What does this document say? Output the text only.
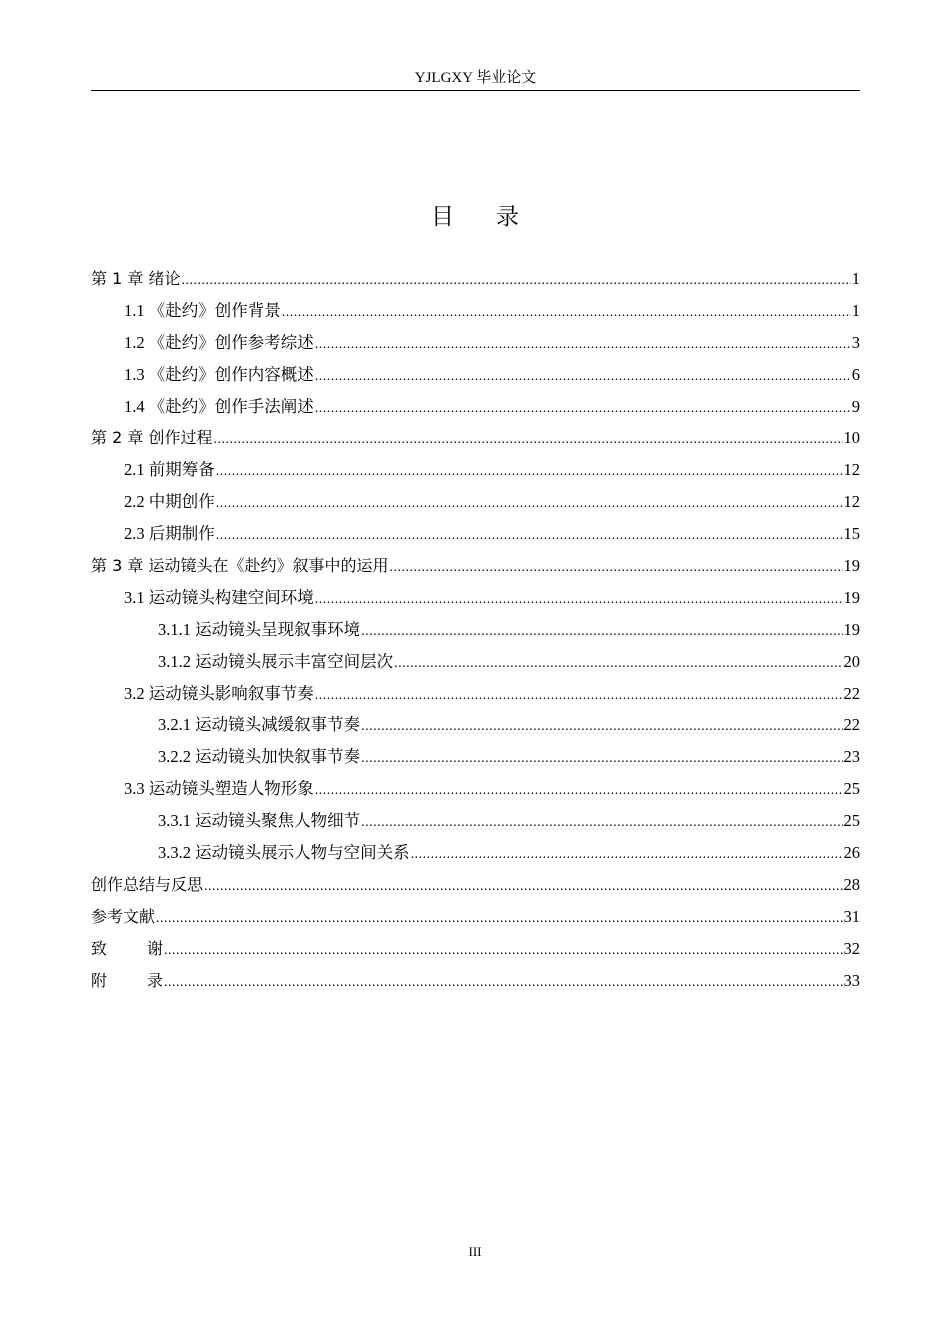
YJLGXY 毕业论文
目 录
第 1 章 绪论 .....	1
1.1 《赴约》创作背景 .....	1
1.2 《赴约》创作参考综述 .....	3
1.3 《赴约》创作内容概述 .....	6
1.4 《赴约》创作手法阐述 .....	9
第 2 章 创作过程 .....	10
2.1 前期筹备 .....	12
2.2 中期创作 .....	12
2.3 后期制作 .....	15
第 3 章 运动镜头在《赴约》叙事中的运用 .....	19
3.1 运动镜头构建空间环境 .....	19
3.1.1 运动镜头呈现叙事环境 .....	19
3.1.2 运动镜头展示丰富空间层次 .....	20
3.2 运动镜头影响叙事节奏 .....	22
3.2.1 运动镜头减缓叙事节奏 .....	22
3.2.2 运动镜头加快叙事节奏 .....	23
3.3 运动镜头塑造人物形象 .....	25
3.3.1 运动镜头聚焦人物细节 .....	25
3.3.2 运动镜头展示人物与空间关系 .....	26
创作总结与反思 .....	28
参考文献 .....	31
致	谢 .....	32
附	录 .....	33
III
